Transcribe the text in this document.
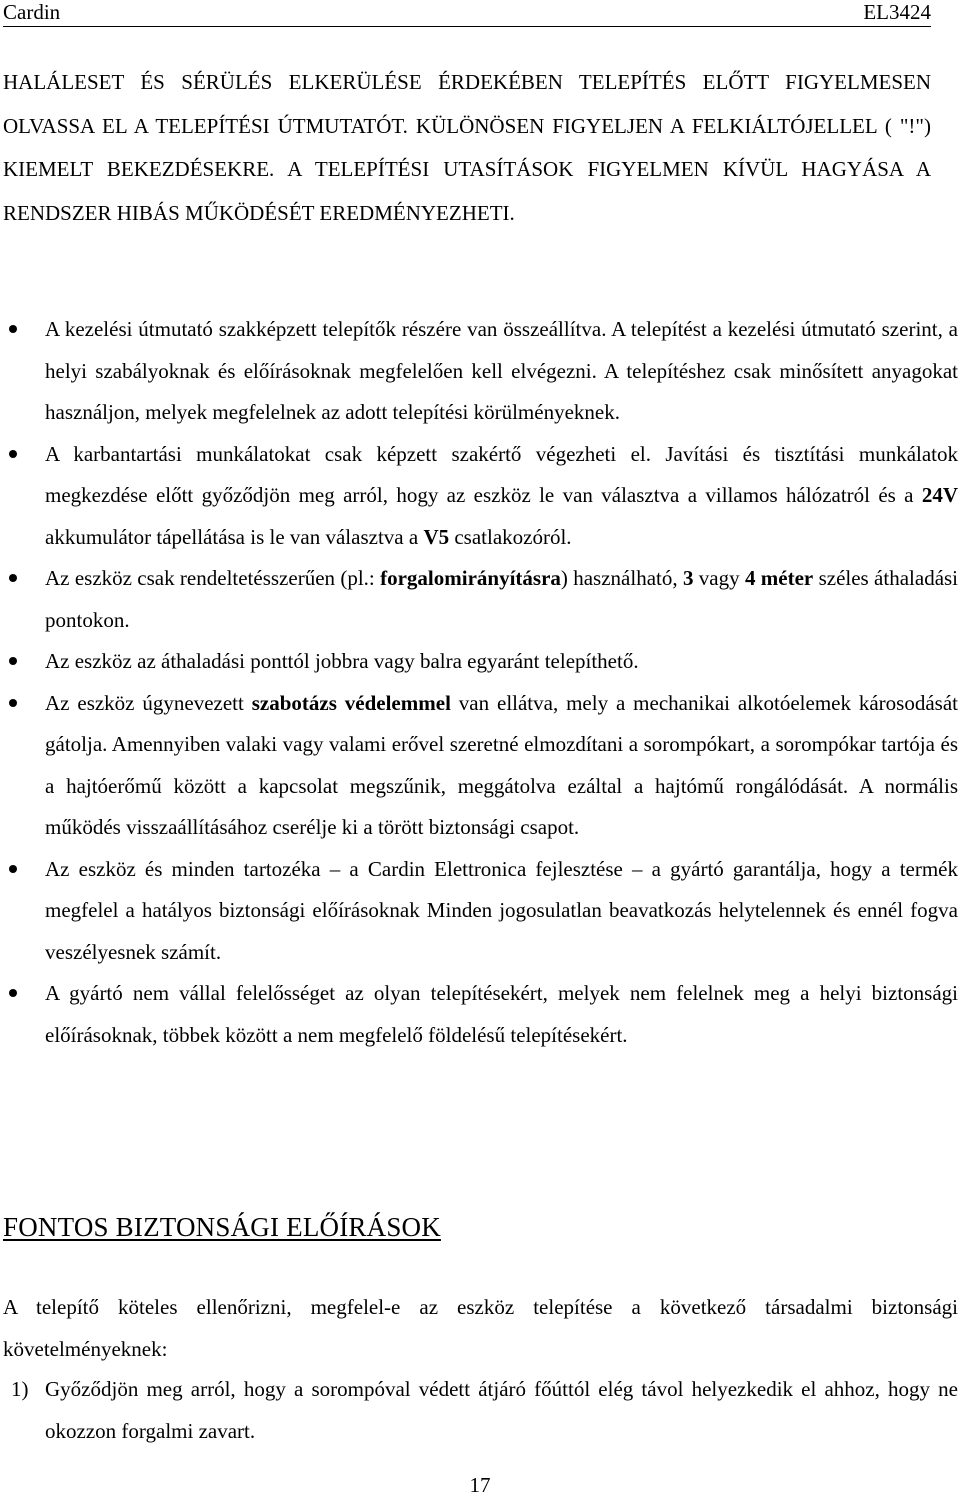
Cardin	EL3424
HALÁLESET ÉS SÉRÜLÉS ELKERÜLÉSE ÉRDEKÉBEN TELEPÍTÉS ELŐTT FIGYELMESEN OLVASSA EL A TELEPÍTÉSI ÚTMUTATÓT. KÜLÖNÖSEN FIGYELJEN A FELKIÁLTÓJELLEL ( "!") KIEMELT BEKEZDÉSEKRE. A TELEPÍTÉSI UTASÍTÁSOK FIGYELMEN KÍVÜL HAGYÁSA A RENDSZER HIBÁS MŰKÖDÉSÉT EREDMÉNYEZHETI.
A kezelési útmutató szakképzett telepítők részére van összeállítva. A telepítést a kezelési útmutató szerint, a helyi szabályoknak és előírásoknak megfelelően kell elvégezni. A telepítéshez csak minősített anyagokat használjon, melyek megfelelnek az adott telepítési körülményeknek.
A karbantartási munkálatokat csak képzett szakértő végezheti el. Javítási és tisztítási munkálatok megkezdése előtt győződjön meg arról, hogy az eszköz le van választva a villamos hálózatról és a 24V akkumulátor tápellátása is le van választva a V5 csatlakozóról.
Az eszköz csak rendeltetésszerűen (pl.: forgalomirányításra) használható, 3 vagy 4 méter széles áthaladási pontokon.
Az eszköz az áthaladási ponttól jobbra vagy balra egyaránt telepíthető.
Az eszköz úgynevezett szabotázs védelemmel van ellátva, mely a mechanikai alkotóelemek károsodását gátolja. Amennyiben valaki vagy valami erővel szeretné elmozdítani a sorompókart, a sorompókar tartója és a hajtóerőmű között a kapcsolat megszűnik, meggátolva ezáltal a hajtómű rongálódását. A normális működés visszaállításához cserélje ki a törött biztonsági csapot.
Az eszköz és minden tartozéka – a Cardin Elettronica fejlesztése – a gyártó garantálja, hogy a termék megfelel a hatályos biztonsági előírásoknak Minden jogosulatlan beavatkozás helytelennek és ennél fogva veszélyesnek számít.
A gyártó nem vállal felelősséget az olyan telepítésekért, melyek nem felelnek meg a helyi biztonsági előírásoknak, többek között a nem megfelelő földelésű telepítésekért.
FONTOS BIZTONSÁGI ELŐÍRÁSOK
A telepítő köteles ellenőrizni, megfelel-e az eszköz telepítése a következő társadalmi biztonsági követelményeknek:
1) Győződjön meg arról, hogy a sorompóval védett átjáró főúttól elég távol helyezkedik el ahhoz, hogy ne okozzon forgalmi zavart.
17
